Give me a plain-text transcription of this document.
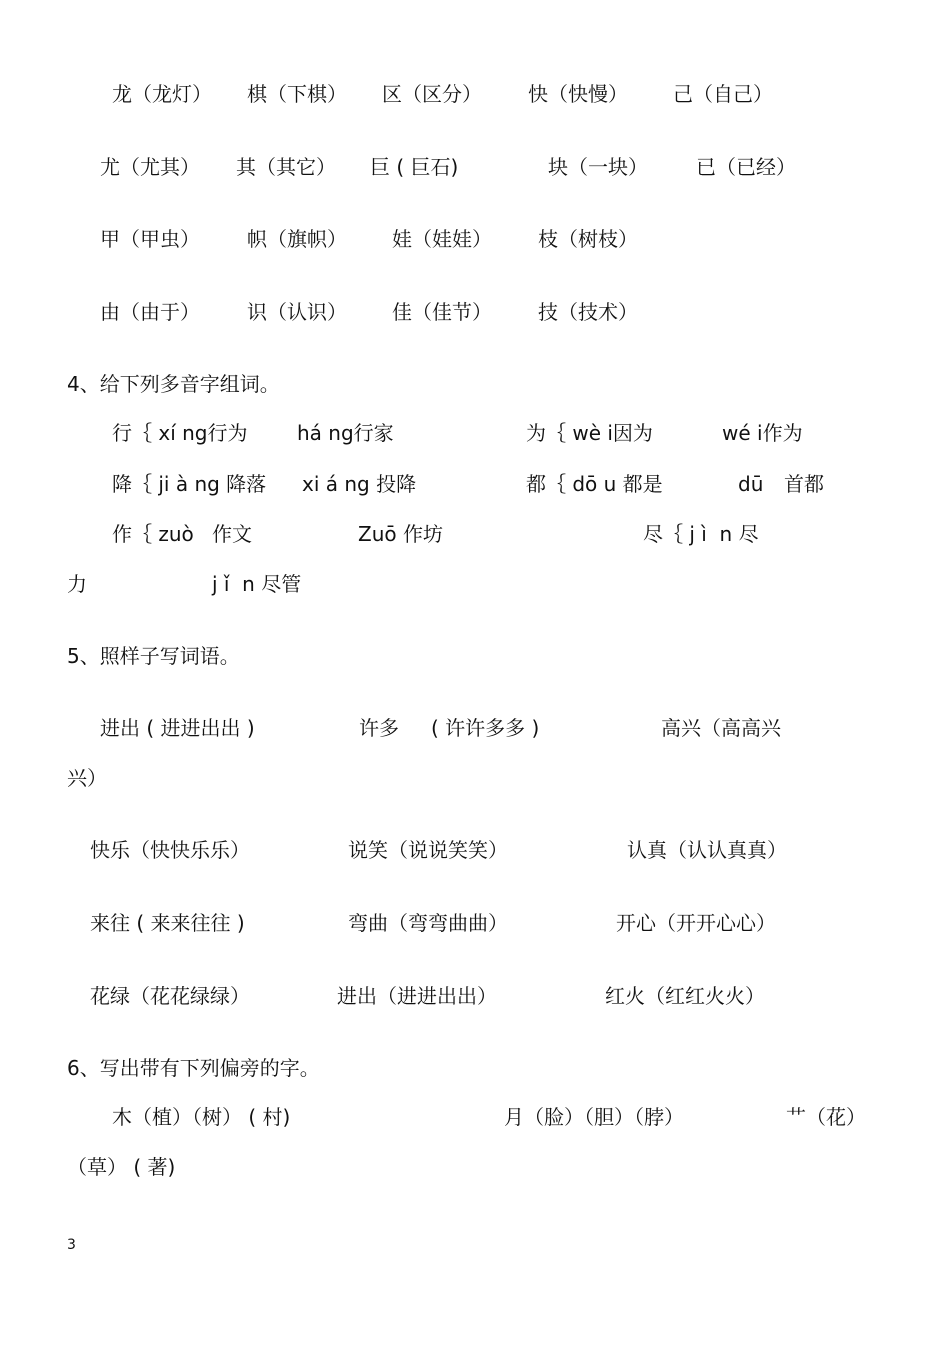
龙（龙灯） 棋（下棋） 区（区分） 快（快慢） 己（自己）
尤（尤其） 其（其它） 巨 ( 巨石)	块（一块） 已（已经）
甲（甲虫） 帜（旗帜） 娃（娃娃） 枝（树枝）
由（由于） 识（认识） 佳（佳节） 技（技术）
4、给下列多音字组词。
行｛ xí ng行为 há ng行家	为｛ wè i因为	wé i作为
降｛ ji à ng 降落 xi á ng 投降	都｛ dō u 都是	dū 首都
作｛ zuò 作文	Zuō 作坊	尽｛ j ì  n 尽
力	j ǐ  n 尽管
5、照样子写词语。
进出 ( 进进出出 )	许多 ( 许许多多 )	高兴（高高兴
兴）
快乐（快快乐乐）	说笑（说说笑笑）	认真（认认真真）
来往 ( 来来往往 )	弯曲（弯弯曲曲）	开心（开开心心）
花绿（花花绿绿）	进出（进进出出）	红火（红红火火）
6、写出带有下列偏旁的字。
木（植）（树） ( 村)	月（脸）（胆）（脖）	艹（花）
（草） ( 著)
3
